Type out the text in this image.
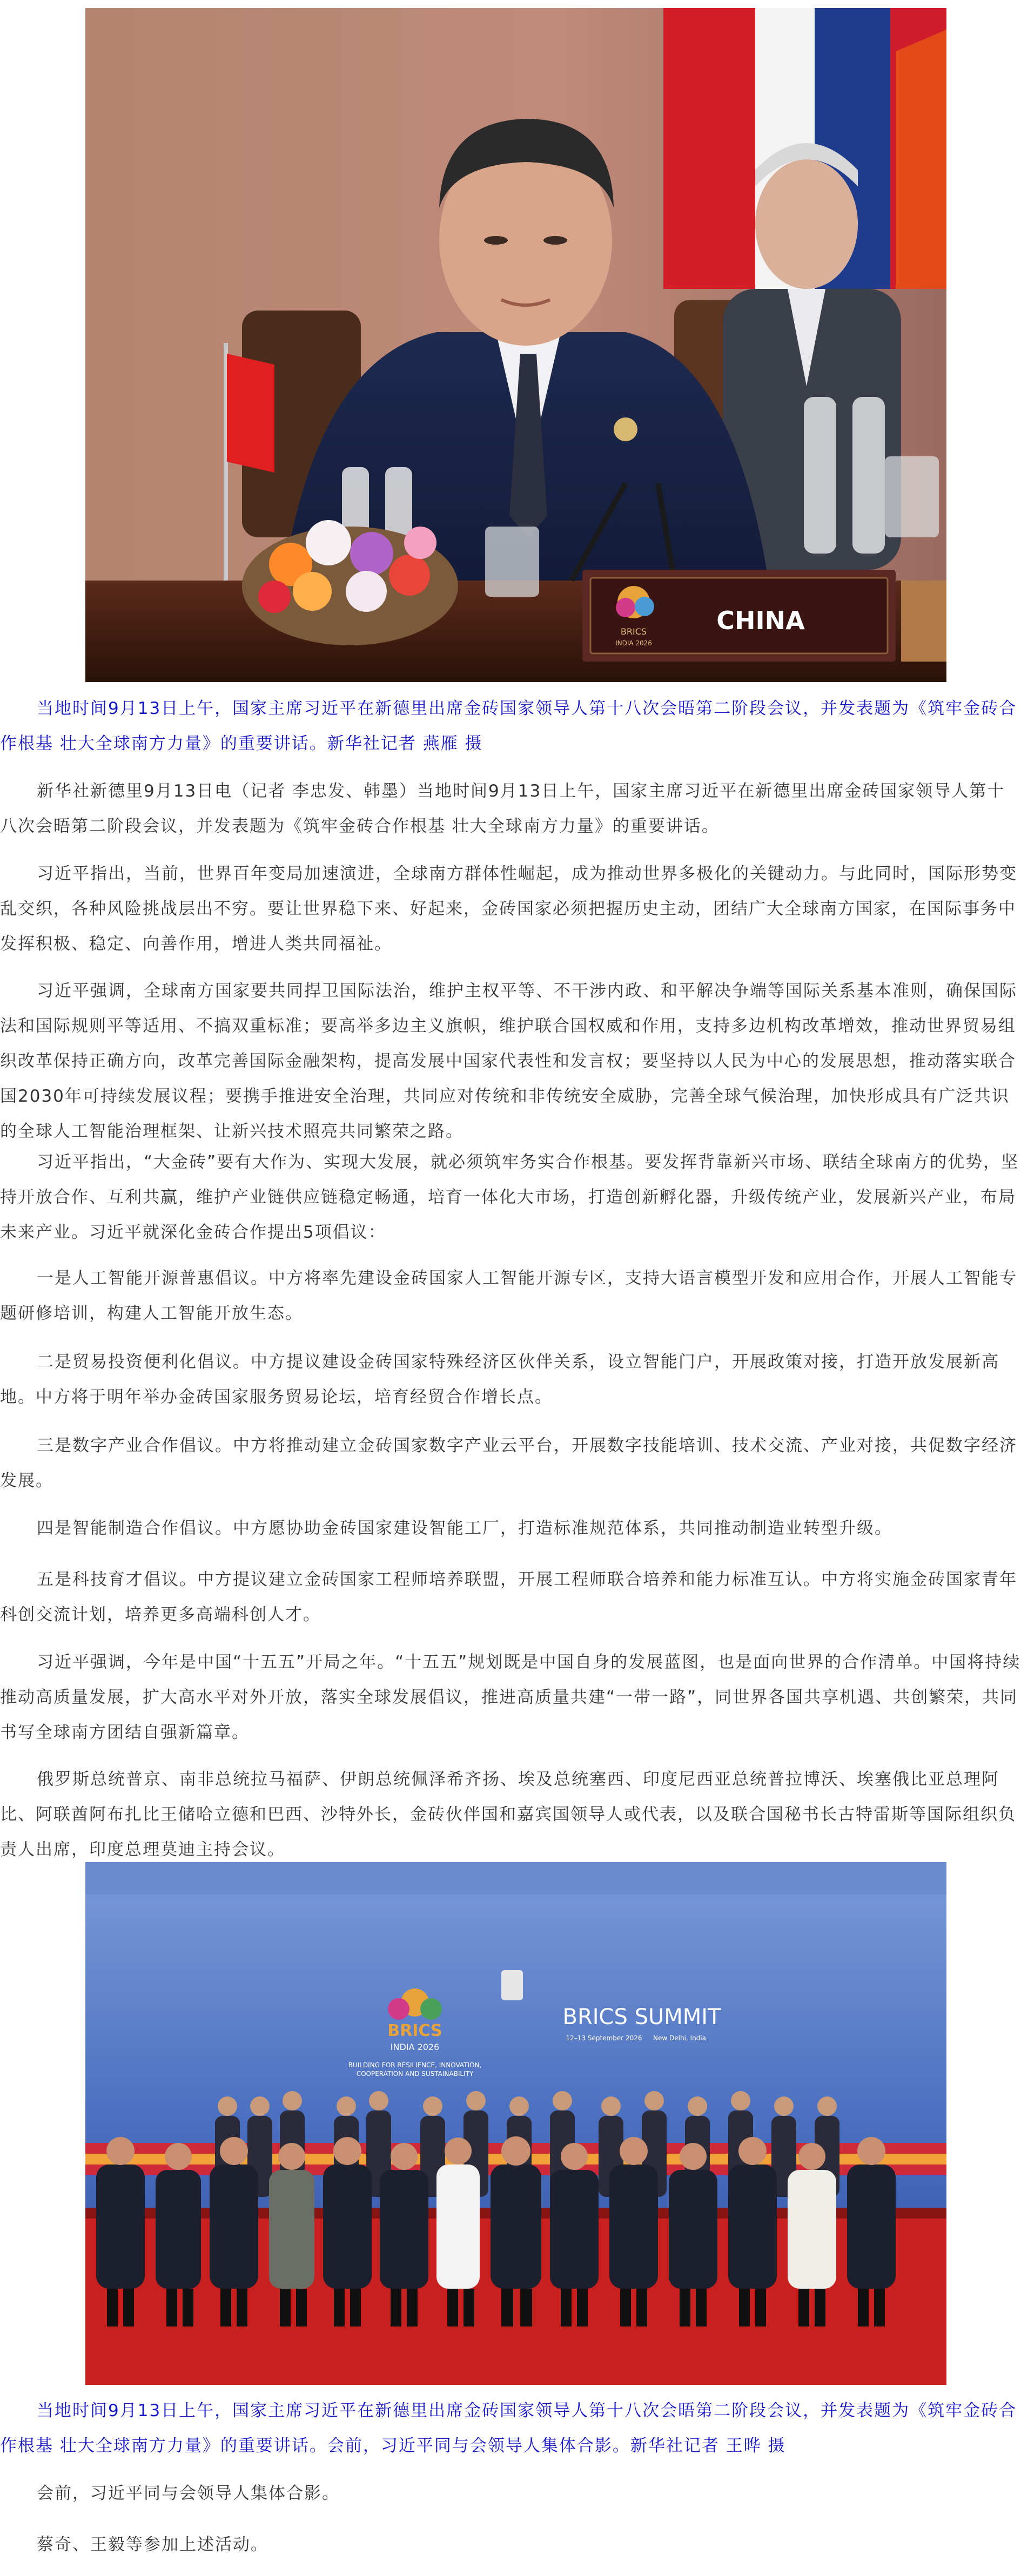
BRICS
INDIA 2026
CHINA

当地时间9月13日上午，国家主席习近平在新德里出席金砖国家领导人第十八次会晤第二阶段会议，并发表题为《筑牢金砖合作根基 壮大全球南方力量》的重要讲话。新华社记者 燕雁 摄

新华社新德里9月13日电（记者 李忠发、韩墨）当地时间9月13日上午，国家主席习近平在新德里出席金砖国家领导人第十八次会晤第二阶段会议，并发表题为《筑牢金砖合作根基 壮大全球南方力量》的重要讲话。

习近平指出，当前，世界百年变局加速演进，全球南方群体性崛起，成为推动世界多极化的关键动力。与此同时，国际形势变乱交织，各种风险挑战层出不穷。要让世界稳下来、好起来，金砖国家必须把握历史主动，团结广大全球南方国家，在国际事务中发挥积极、稳定、向善作用，增进人类共同福祉。

习近平强调，全球南方国家要共同捍卫国际法治，维护主权平等、不干涉内政、和平解决争端等国际关系基本准则，确保国际法和国际规则平等适用、不搞双重标准；要高举多边主义旗帜，维护联合国权威和作用，支持多边机构改革增效，推动世界贸易组织改革保持正确方向，改革完善国际金融架构，提高发展中国家代表性和发言权；要坚持以人民为中心的发展思想，推动落实联合国2030年可持续发展议程；要携手推进安全治理，共同应对传统和非传统安全威胁，完善全球气候治理，加快形成具有广泛共识的全球人工智能治理框架、让新兴技术照亮共同繁荣之路。

习近平指出，“大金砖”要有大作为、实现大发展，就必须筑牢务实合作根基。要发挥背靠新兴市场、联结全球南方的优势，坚持开放合作、互利共赢，维护产业链供应链稳定畅通，培育一体化大市场，打造创新孵化器，升级传统产业，发展新兴产业，布局未来产业。习近平就深化金砖合作提出5项倡议：

一是人工智能开源普惠倡议。中方将率先建设金砖国家人工智能开源专区，支持大语言模型开发和应用合作，开展人工智能专题研修培训，构建人工智能开放生态。

二是贸易投资便利化倡议。中方提议建设金砖国家特殊经济区伙伴关系，设立智能门户，开展政策对接，打造开放发展新高地。中方将于明年举办金砖国家服务贸易论坛，培育经贸合作增长点。

三是数字产业合作倡议。中方将推动建立金砖国家数字产业云平台，开展数字技能培训、技术交流、产业对接，共促数字经济发展。

四是智能制造合作倡议。中方愿协助金砖国家建设智能工厂，打造标准规范体系，共同推动制造业转型升级。

五是科技育才倡议。中方提议建立金砖国家工程师培养联盟，开展工程师联合培养和能力标准互认。中方将实施金砖国家青年科创交流计划，培养更多高端科创人才。

习近平强调，今年是中国“十五五”开局之年。“十五五”规划既是中国自身的发展蓝图，也是面向世界的合作清单。中国将持续推动高质量发展，扩大高水平对外开放，落实全球发展倡议，推进高质量共建“一带一路”，同世界各国共享机遇、共创繁荣，共同书写全球南方团结自强新篇章。

俄罗斯总统普京、南非总统拉马福萨、伊朗总统佩泽希齐扬、埃及总统塞西、印度尼西亚总统普拉博沃、埃塞俄比亚总理阿比、阿联酋阿布扎比王储哈立德和巴西、沙特外长，金砖伙伴国和嘉宾国领导人或代表，以及联合国秘书长古特雷斯等国际组织负责人出席，印度总理莫迪主持会议。

BRICS
INDIA 2026
BUILDING FOR RESILIENCE, INNOVATION,
COOPERATION AND SUSTAINABILITY
BRICS SUMMIT
12–13 September 2026 New Delhi, India

当地时间9月13日上午，国家主席习近平在新德里出席金砖国家领导人第十八次会晤第二阶段会议，并发表题为《筑牢金砖合作根基 壮大全球南方力量》的重要讲话。会前，习近平同与会领导人集体合影。新华社记者 王晔 摄

会前，习近平同与会领导人集体合影。

蔡奇、王毅等参加上述活动。
